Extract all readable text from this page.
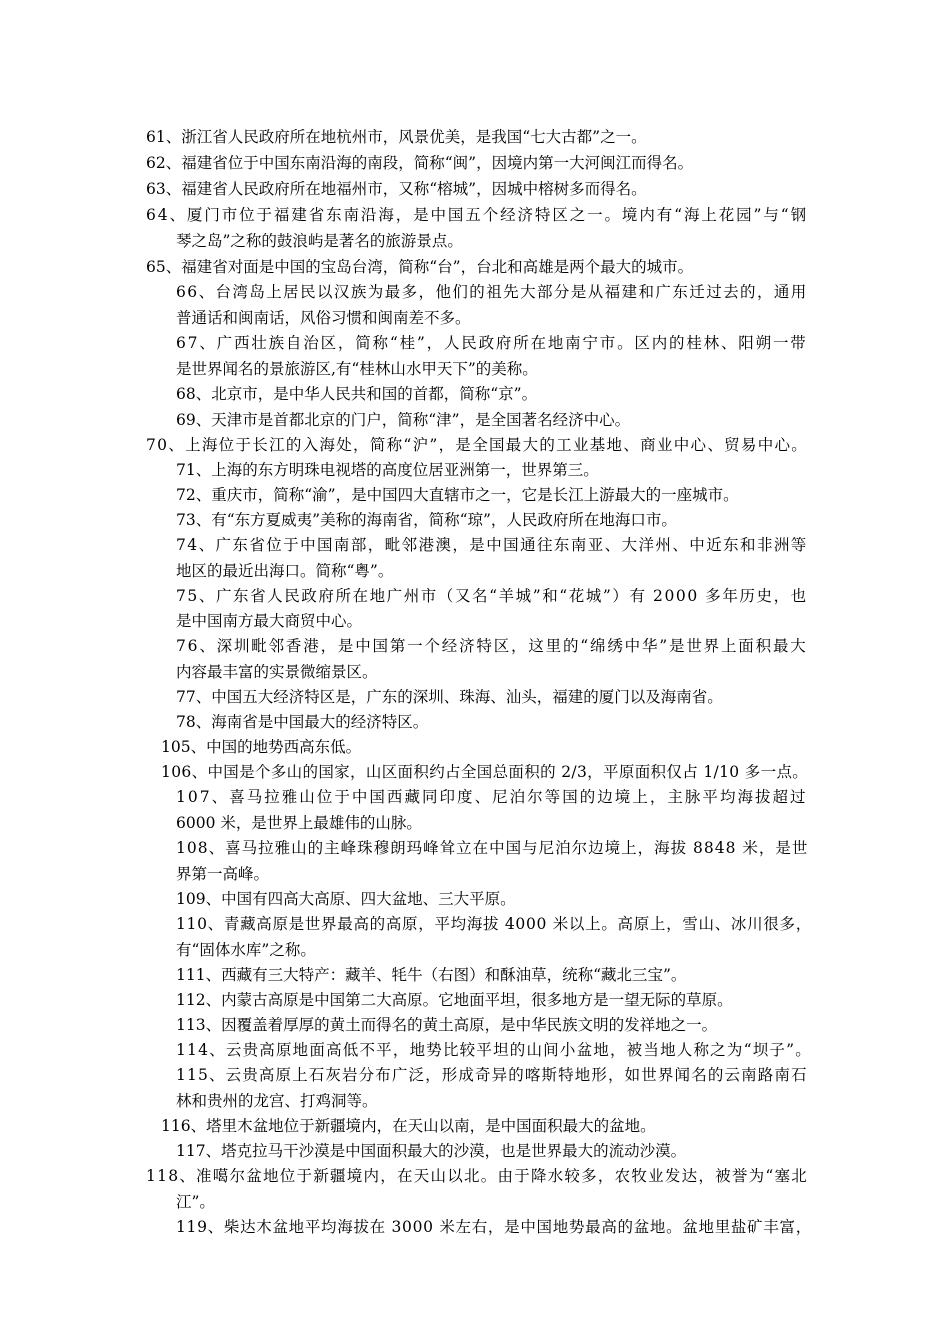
61、浙江省人民政府所在地杭州市，风景优美，是我国“七大古都”之一。
62、福建省位于中国东南沿海的南段，简称“闽”，因境内第一大河闽江而得名。
63、福建省人民政府所在地福州市，又称“榕城”，因城中榕树多而得名。
64、厦门市位于福建省东南沿海，是中国五个经济特区之一。境内有“海上花园”与“钢
琴之岛”之称的鼓浪屿是著名的旅游景点。
65、福建省对面是中国的宝岛台湾，简称“台”，台北和高雄是两个最大的城市。
66、台湾岛上居民以汉族为最多，他们的祖先大部分是从福建和广东迁过去的，通用
普通话和闽南话，风俗习惯和闽南差不多。
67、广西壮族自治区，简称“桂”，人民政府所在地南宁市。区内的桂林、阳朔一带
是世界闻名的景旅游区,有“桂林山水甲天下”的美称。
68、北京市，是中华人民共和国的首都，简称“京”。
69、天津市是首都北京的门户，简称“津”，是全国著名经济中心。
70、上海位于长江的入海处，简称“沪”，是全国最大的工业基地、商业中心、贸易中心。
71、上海的东方明珠电视塔的高度位居亚洲第一，世界第三。
72、重庆市，简称“渝”，是中国四大直辖市之一，它是长江上游最大的一座城市。
73、有“东方夏威夷”美称的海南省，简称“琼”，人民政府所在地海口市。
74、广东省位于中国南部，毗邻港澳，是中国通往东南亚、大洋州、中近东和非洲等
地区的最近出海口。简称“粤”。
75、广东省人民政府所在地广州市（又名“羊城”和“花城”）有 2000 多年历史，也
是中国南方最大商贸中心。
76、深圳毗邻香港，是中国第一个经济特区，这里的“绵绣中华”是世界上面积最大
内容最丰富的实景微缩景区。
77、中国五大经济特区是，广东的深圳、珠海、汕头，福建的厦门以及海南省。
78、海南省是中国最大的经济特区。
105、中国的地势西高东低。
106、中国是个多山的国家，山区面积约占全国总面积的 2/3，平原面积仅占 1/10 多一点。
107、喜马拉雅山位于中国西藏同印度、尼泊尔等国的边境上，主脉平均海拔超过
6000 米，是世界上最雄伟的山脉。
108、喜马拉雅山的主峰珠穆朗玛峰耸立在中国与尼泊尔边境上，海拔 8848 米，是世
界第一高峰。
109、中国有四高大高原、四大盆地、三大平原。
110、青藏高原是世界最高的高原，平均海拔 4000 米以上。高原上，雪山、冰川很多，
有“固体水库”之称。
111、西藏有三大特产：藏羊、牦牛（右图）和酥油草，统称“藏北三宝”。
112、内蒙古高原是中国第二大高原。它地面平坦，很多地方是一望无际的草原。
113、因覆盖着厚厚的黄土而得名的黄土高原，是中华民族文明的发祥地之一。
114、云贵高原地面高低不平，地势比较平坦的山间小盆地，被当地人称之为“坝子”。
115、云贵高原上石灰岩分布广泛，形成奇异的喀斯特地形，如世界闻名的云南路南石
林和贵州的龙宫、打鸡洞等。
116、塔里木盆地位于新疆境内，在天山以南，是中国面积最大的盆地。
117、塔克拉马干沙漠是中国面积最大的沙漠，也是世界最大的流动沙漠。
118、准噶尔盆地位于新疆境内，在天山以北。由于降水较多，农牧业发达，被誉为“塞北
江”。
119、柴达木盆地平均海拔在 3000 米左右，是中国地势最高的盆地。盆地里盐矿丰富，
